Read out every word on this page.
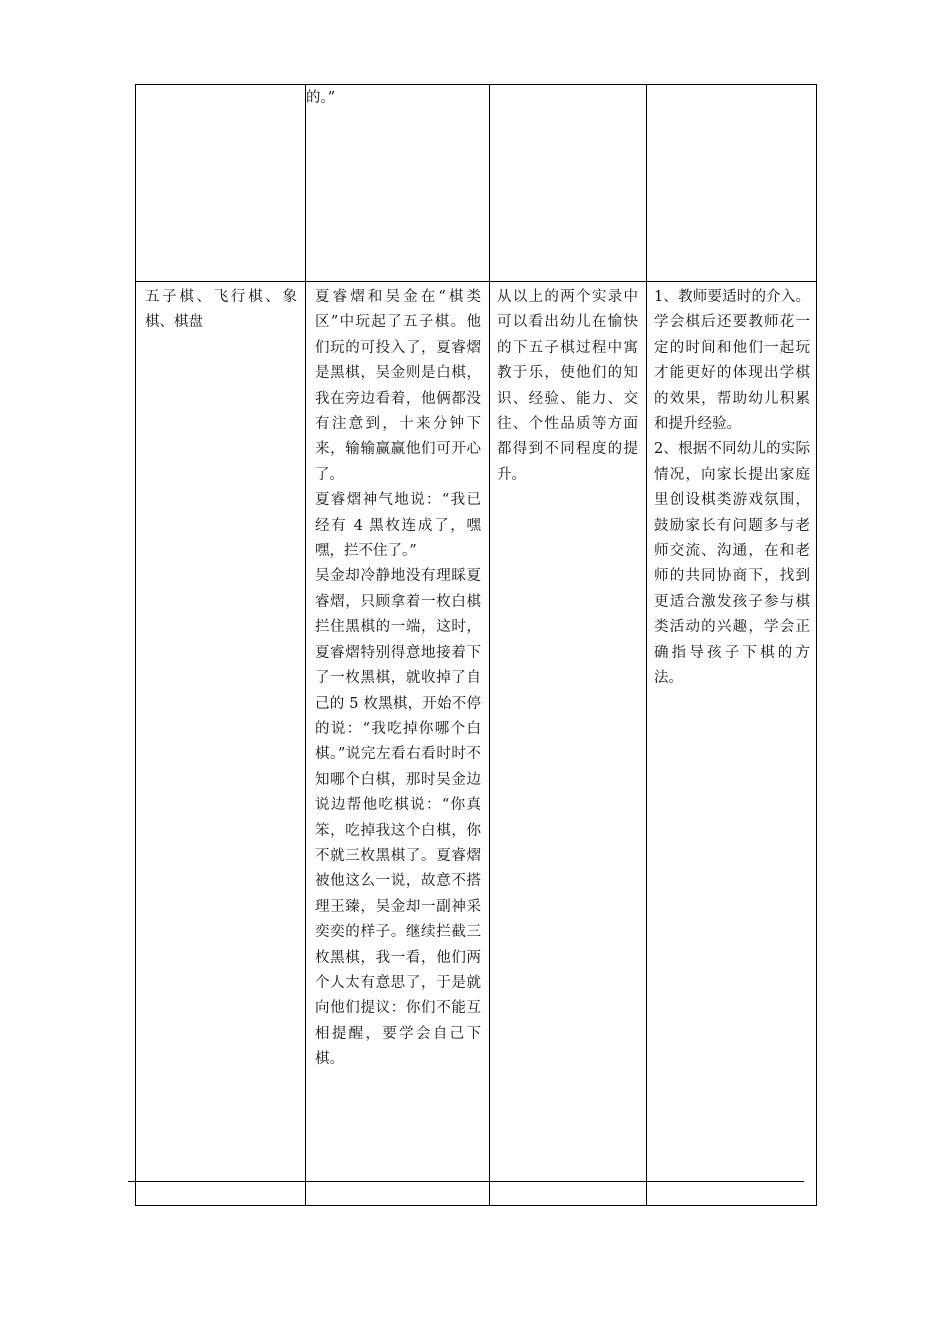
的。”
五子棋、飞行棋、象棋、棋盘
夏睿熠和吴金在“棋类区”中玩起了五子棋。他们玩的可投入了，夏睿熠是黑棋，吴金则是白棋，我在旁边看着，他俩都没有注意到，十来分钟下来，输输赢赢他们可开心了。
夏睿熠神气地说：“我已经有 4 黑枚连成了，嘿嘿，拦不住了。”
吴金却冷静地没有理睬夏睿熠，只顾拿着一枚白棋拦住黑棋的一端，这时，夏睿熠特别得意地接着下了一枚黑棋，就收掉了自己的 5 枚黑棋，开始不停的说：“我吃掉你哪个白棋。”说完左看右看时时不知哪个白棋，那时吴金边说边帮他吃棋说：“你真笨，吃掉我这个白棋，你不就三枚黑棋了。夏睿熠被他这么一说，故意不搭理王臻，吴金却一副神采奕奕的样子。继续拦截三枚黑棋，我一看，他们两个人太有意思了，于是就向他们提议：你们不能互相提醒，要学会自己下棋。
从以上的两个实录中可以看出幼儿在愉快的下五子棋过程中寓教于乐，使他们的知识、经验、能力、交往、个性品质等方面都得到不同程度的提升。
1、教师要适时的介入。学会棋后还要教师花一定的时间和他们一起玩才能更好的体现出学棋的效果，帮助幼儿积累和提升经验。
2、根据不同幼儿的实际情况，向家长提出家庭里创设棋类游戏氛围，鼓励家长有问题多与老师交流、沟通，在和老师的共同协商下，找到更适合激发孩子参与棋类活动的兴趣，学会正确指导孩子下棋的方法。
